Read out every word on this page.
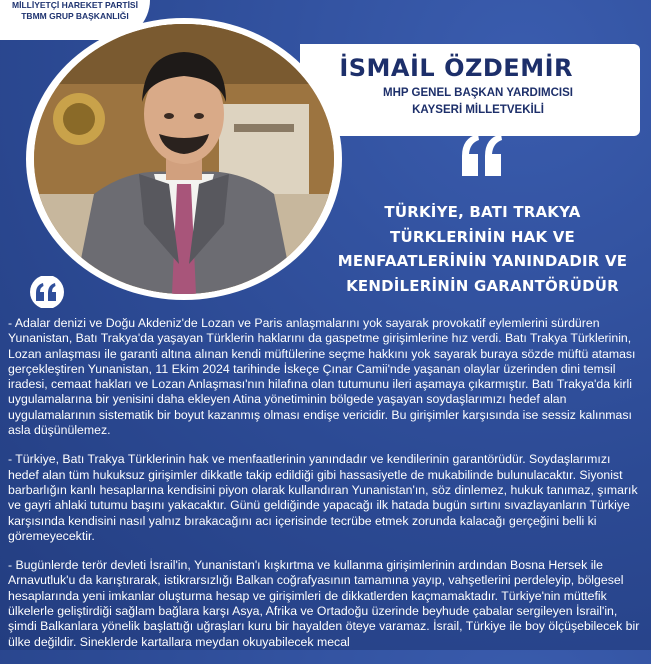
MİLLİYETÇİ HAREKET PARTİSİ
TBMM GRUP BAŞKANLIĞI
İSMAİL ÖZDEMİR
MHP GENEL BAŞKAN YARDIMCISI
KAYSERİ MİLLETVEKİLİ
TÜRKİYE, BATI TRAKYA TÜRKLERİNİN HAK VE MENFAATLERİNİN YANINDADIR VE KENDİLERİNİN GARANTÖRÜDÜR

- Adalar denizi ve Doğu Akdeniz'de Lozan ve Paris anlaşmalarını yok sayarak provokatif eylemlerini sürdüren Yunanistan, Batı Trakya'da yaşayan Türklerin haklarını da gaspetme girişimlerine hız verdi. Batı Trakya Türklerinin, Lozan anlaşması ile garanti altına alınan kendi müftülerine seçme hakkını yok sayarak buraya sözde müftü ataması gerçekleştiren Yunanistan, 11 Ekim 2024 tarihinde İskeçe Çınar Camii'nde yaşanan olaylar üzerinden dini temsil iradesi, cemaat hakları ve Lozan Anlaşması'nın hilafına olan tutumunu ileri aşamaya çıkarmıştır. Batı Trakya'da kirli uygulamalarına bir yenisini daha ekleyen Atina yönetiminin bölgede yaşayan soydaşlarımızı hedef alan uygulamalarının sistematik bir boyut kazanmış olması endişe vericidir. Bu girişimler karşısında ise sessiz kalınması asla düşünülemez.

- Türkiye, Batı Trakya Türklerinin hak ve menfaatlerinin yanındadır ve kendilerinin garantörüdür. Soydaşlarımızı hedef alan tüm hukuksuz girişimler dikkatle takip edildiği gibi hassasiyetle de mukabilinde bulunulacaktır. Siyonist barbarlığın kanlı hesaplarına kendisini piyon olarak kullandıran Yunanistan'ın, söz dinlemez, hukuk tanımaz, şımarık ve gayri ahlaki tutumu başını yakacaktır. Günü geldiğinde yapacağı ilk hatada bugün sırtını sıvazlayanların Türkiye karşısında kendisini nasıl yalnız bırakacağını acı içerisinde tecrübe etmek zorunda kalacağı gerçeğini belli ki göremeyecektir.

- Bugünlerde terör devleti İsrail'in, Yunanistan'ı kışkırtma ve kullanma girişimlerinin ardından Bosna Hersek ile Arnavutluk'u da karıştırarak, istikrarsızlığı Balkan coğrafyasının tamamına yayıp, vahşetlerini perdeleyip, bölgesel hesaplarında yeni imkanlar oluşturma hesap ve girişimleri de dikkatlerden kaçmamaktadır. Türkiye'nin müttefik ülkelerle geliştirdiği sağlam bağlara karşı Asya, Afrika ve Ortadoğu üzerinde beyhude çabalar sergileyen İsrail'in, şimdi Balkanlara yönelik başlattığı uğraşları kuru bir hayalden öteye varamaz. İsrail, Türkiye ile boy ölçüşebilecek bir ülke değildir. Sineklerde kartallara meydan okuyabilecek mecal
